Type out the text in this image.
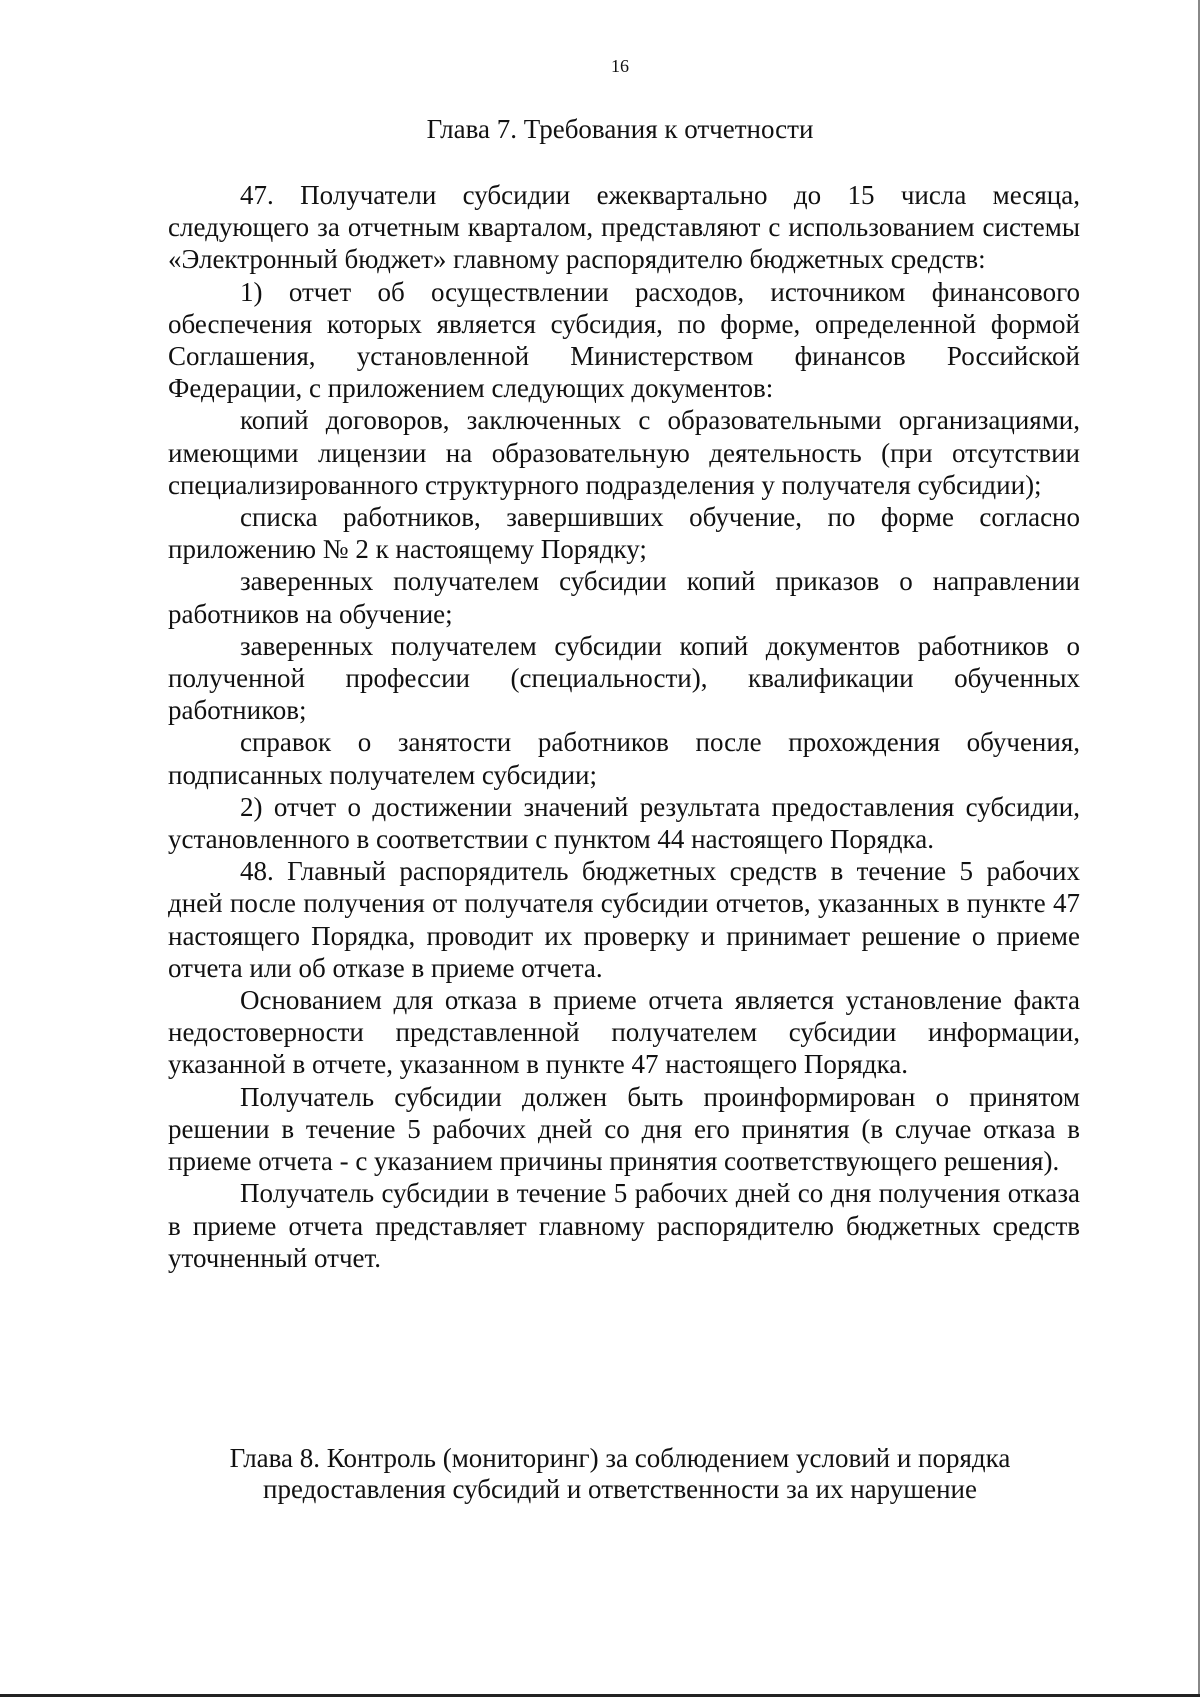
16
Глава 7. Требования к отчетности

47. Получатели субсидии ежеквартально до 15 числа месяца, следующего за отчетным кварталом, представляют с использованием системы «Электронный бюджет» главному распорядителю бюджетных средств:

1) отчет об осуществлении расходов, источником финансового обеспечения которых является субсидия, по форме, определенной формой Соглашения, установленной Министерством финансов Российской Федерации, с приложением следующих документов:

копий договоров, заключенных с образовательными организациями, имеющими лицензии на образовательную деятельность (при отсутствии специализированного структурного подразделения у получателя субсидии);

списка работников, завершивших обучение, по форме согласно приложению № 2 к настоящему Порядку;

заверенных получателем субсидии копий приказов о направлении работников на обучение;

заверенных получателем субсидии копий документов работников о полученной профессии (специальности), квалификации обученных работников;

справок о занятости работников после прохождения обучения, подписанных получателем субсидии;

2) отчет о достижении значений результата предоставления субсидии, установленного в соответствии с пунктом 44 настоящего Порядка.

48. Главный распорядитель бюджетных средств в течение 5 рабочих дней после получения от получателя субсидии отчетов, указанных в пункте 47 настоящего Порядка, проводит их проверку и принимает решение о приеме отчета или об отказе в приеме отчета.

Основанием для отказа в приеме отчета является установление факта недостоверности представленной получателем субсидии информации, указанной в отчете, указанном в пункте 47 настоящего Порядка.

Получатель субсидии должен быть проинформирован о принятом решении в течение 5 рабочих дней со дня его принятия (в случае отказа в приеме отчета - с указанием причины принятия соответствующего решения).

Получатель субсидии в течение 5 рабочих дней со дня получения отказа в приеме отчета представляет главному распорядителю бюджетных средств уточненный отчет.

Глава 8. Контроль (мониторинг) за соблюдением условий и порядка
предоставления субсидий и ответственности за их нарушение
